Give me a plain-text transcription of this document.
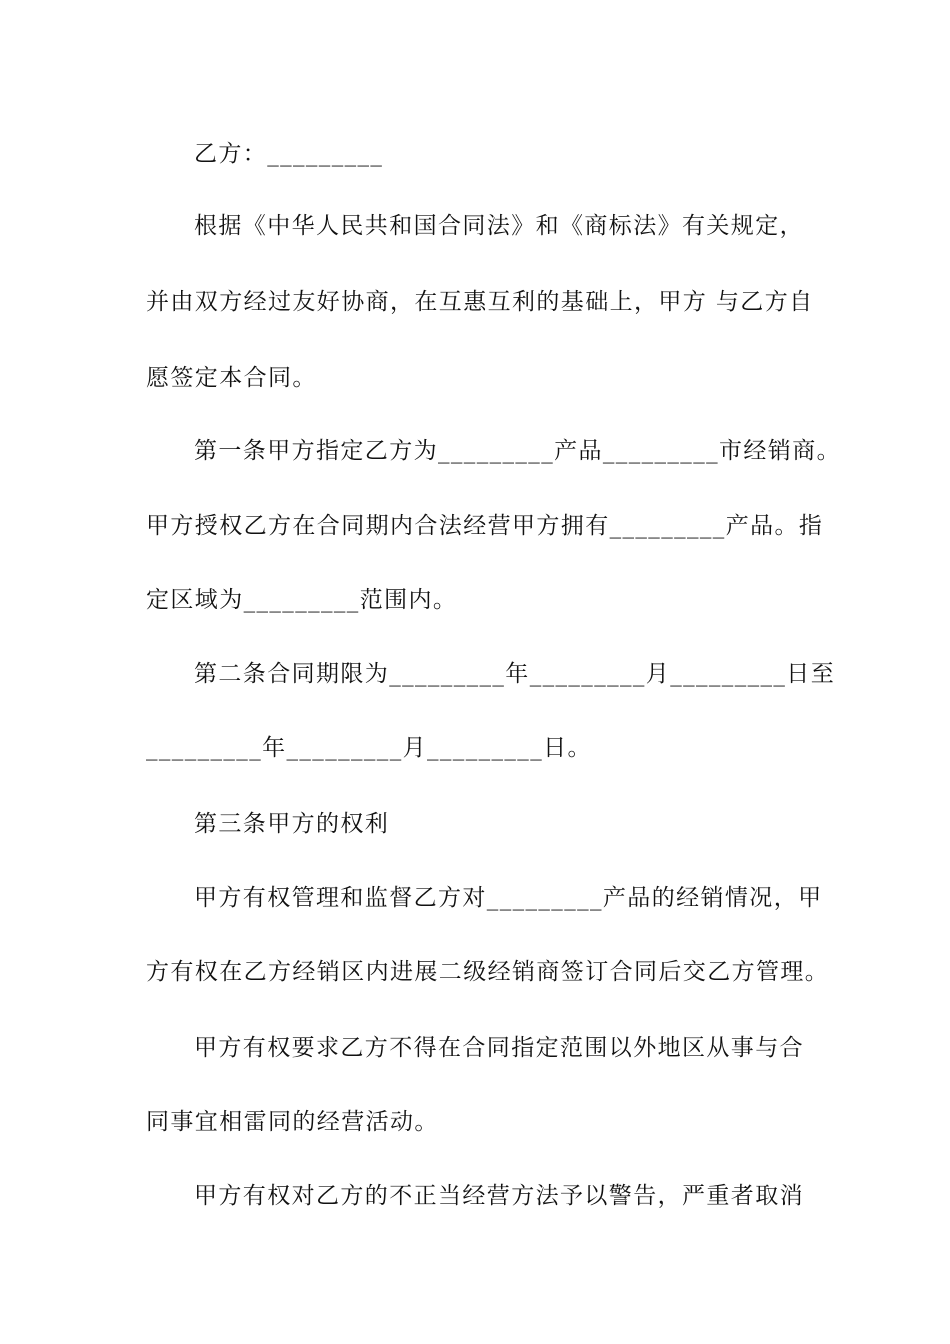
乙方：_________
根据《中华人民共和国合同法》和《商标法》有关规定，
并由双方经过友好协商，在互惠互利的基础上，甲方 与乙方自
愿签定本合同。
第一条甲方指定乙方为_________产品_________市经销商。
甲方授权乙方在合同期内合法经营甲方拥有_________产品。指
定区域为_________范围内。
第二条合同期限为_________年_________月_________日至
_________年_________月_________日。
第三条甲方的权利
甲方有权管理和监督乙方对_________产品的经销情况，甲
方有权在乙方经销区内进展二级经销商签订合同后交乙方管理。
甲方有权要求乙方不得在合同指定范围以外地区从事与合
同事宜相雷同的经营活动。
甲方有权对乙方的不正当经营方法予以警告，严重者取消
